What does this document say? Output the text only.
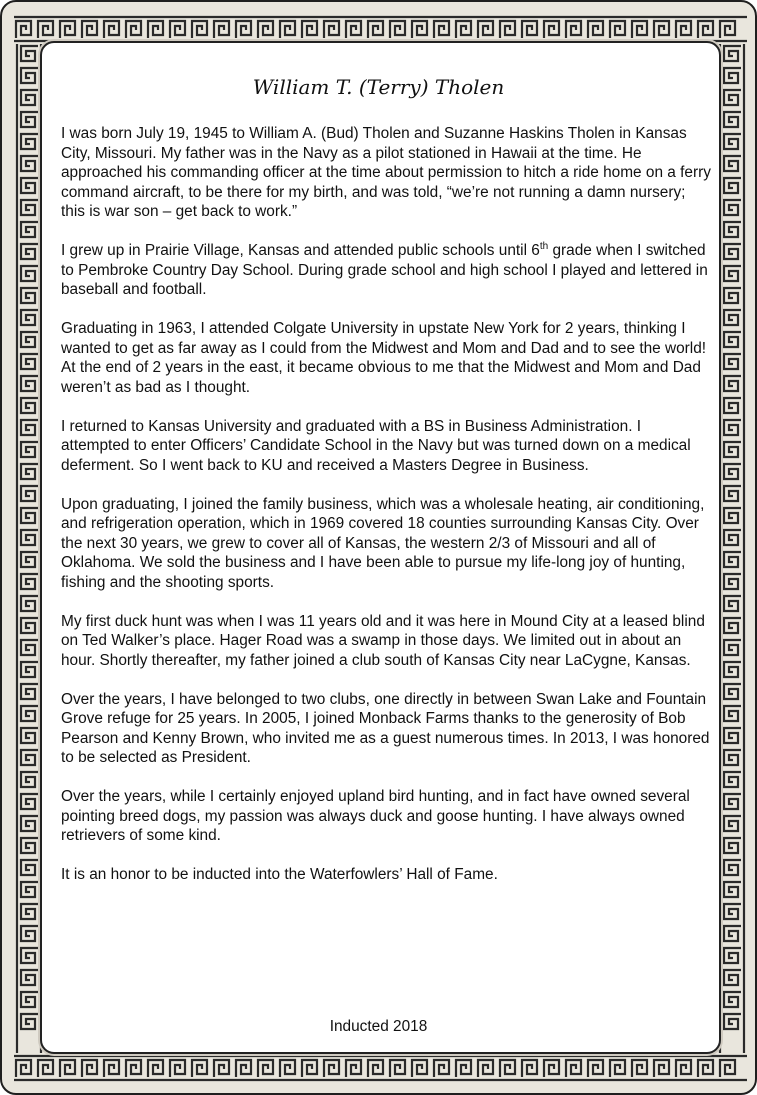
William T. (Terry) Tholen

I was born July 19, 1945 to William A. (Bud) Tholen and Suzanne Haskins Tholen in Kansas City, Missouri. My father was in the Navy as a pilot stationed in Hawaii at the time. He approached his commanding officer at the time about permission to hitch a ride home on a ferry command aircraft, to be there for my birth, and was told, “we’re not running a damn nursery; this is war son – get back to work.”

I grew up in Prairie Village, Kansas and attended public schools until 6th grade when I switched to Pembroke Country Day School. During grade school and high school I played and lettered in baseball and football.

Graduating in 1963, I attended Colgate University in upstate New York for 2 years, thinking I wanted to get as far away as I could from the Midwest and Mom and Dad and to see the world! At the end of 2 years in the east, it became obvious to me that the Midwest and Mom and Dad weren’t as bad as I thought.

I returned to Kansas University and graduated with a BS in Business Administration. I attempted to enter Officers’ Candidate School in the Navy but was turned down on a medical deferment. So I went back to KU and received a Masters Degree in Business.

Upon graduating, I joined the family business, which was a wholesale heating, air conditioning, and refrigeration operation, which in 1969 covered 18 counties surrounding Kansas City. Over the next 30 years, we grew to cover all of Kansas, the western 2/3 of Missouri and all of Oklahoma. We sold the business and I have been able to pursue my life-long joy of hunting, fishing and the shooting sports.

My first duck hunt was when I was 11 years old and it was here in Mound City at a leased blind on Ted Walker’s place. Hager Road was a swamp in those days. We limited out in about an hour. Shortly thereafter, my father joined a club south of Kansas City near LaCygne, Kansas.

Over the years, I have belonged to two clubs, one directly in between Swan Lake and Fountain Grove refuge for 25 years. In 2005, I joined Monback Farms thanks to the generosity of Bob Pearson and Kenny Brown, who invited me as a guest numerous times. In 2013, I was honored to be selected as President.

Over the years, while I certainly enjoyed upland bird hunting, and in fact have owned several pointing breed dogs, my passion was always duck and goose hunting. I have always owned retrievers of some kind.

It is an honor to be inducted into the Waterfowlers’ Hall of Fame.

Inducted 2018
